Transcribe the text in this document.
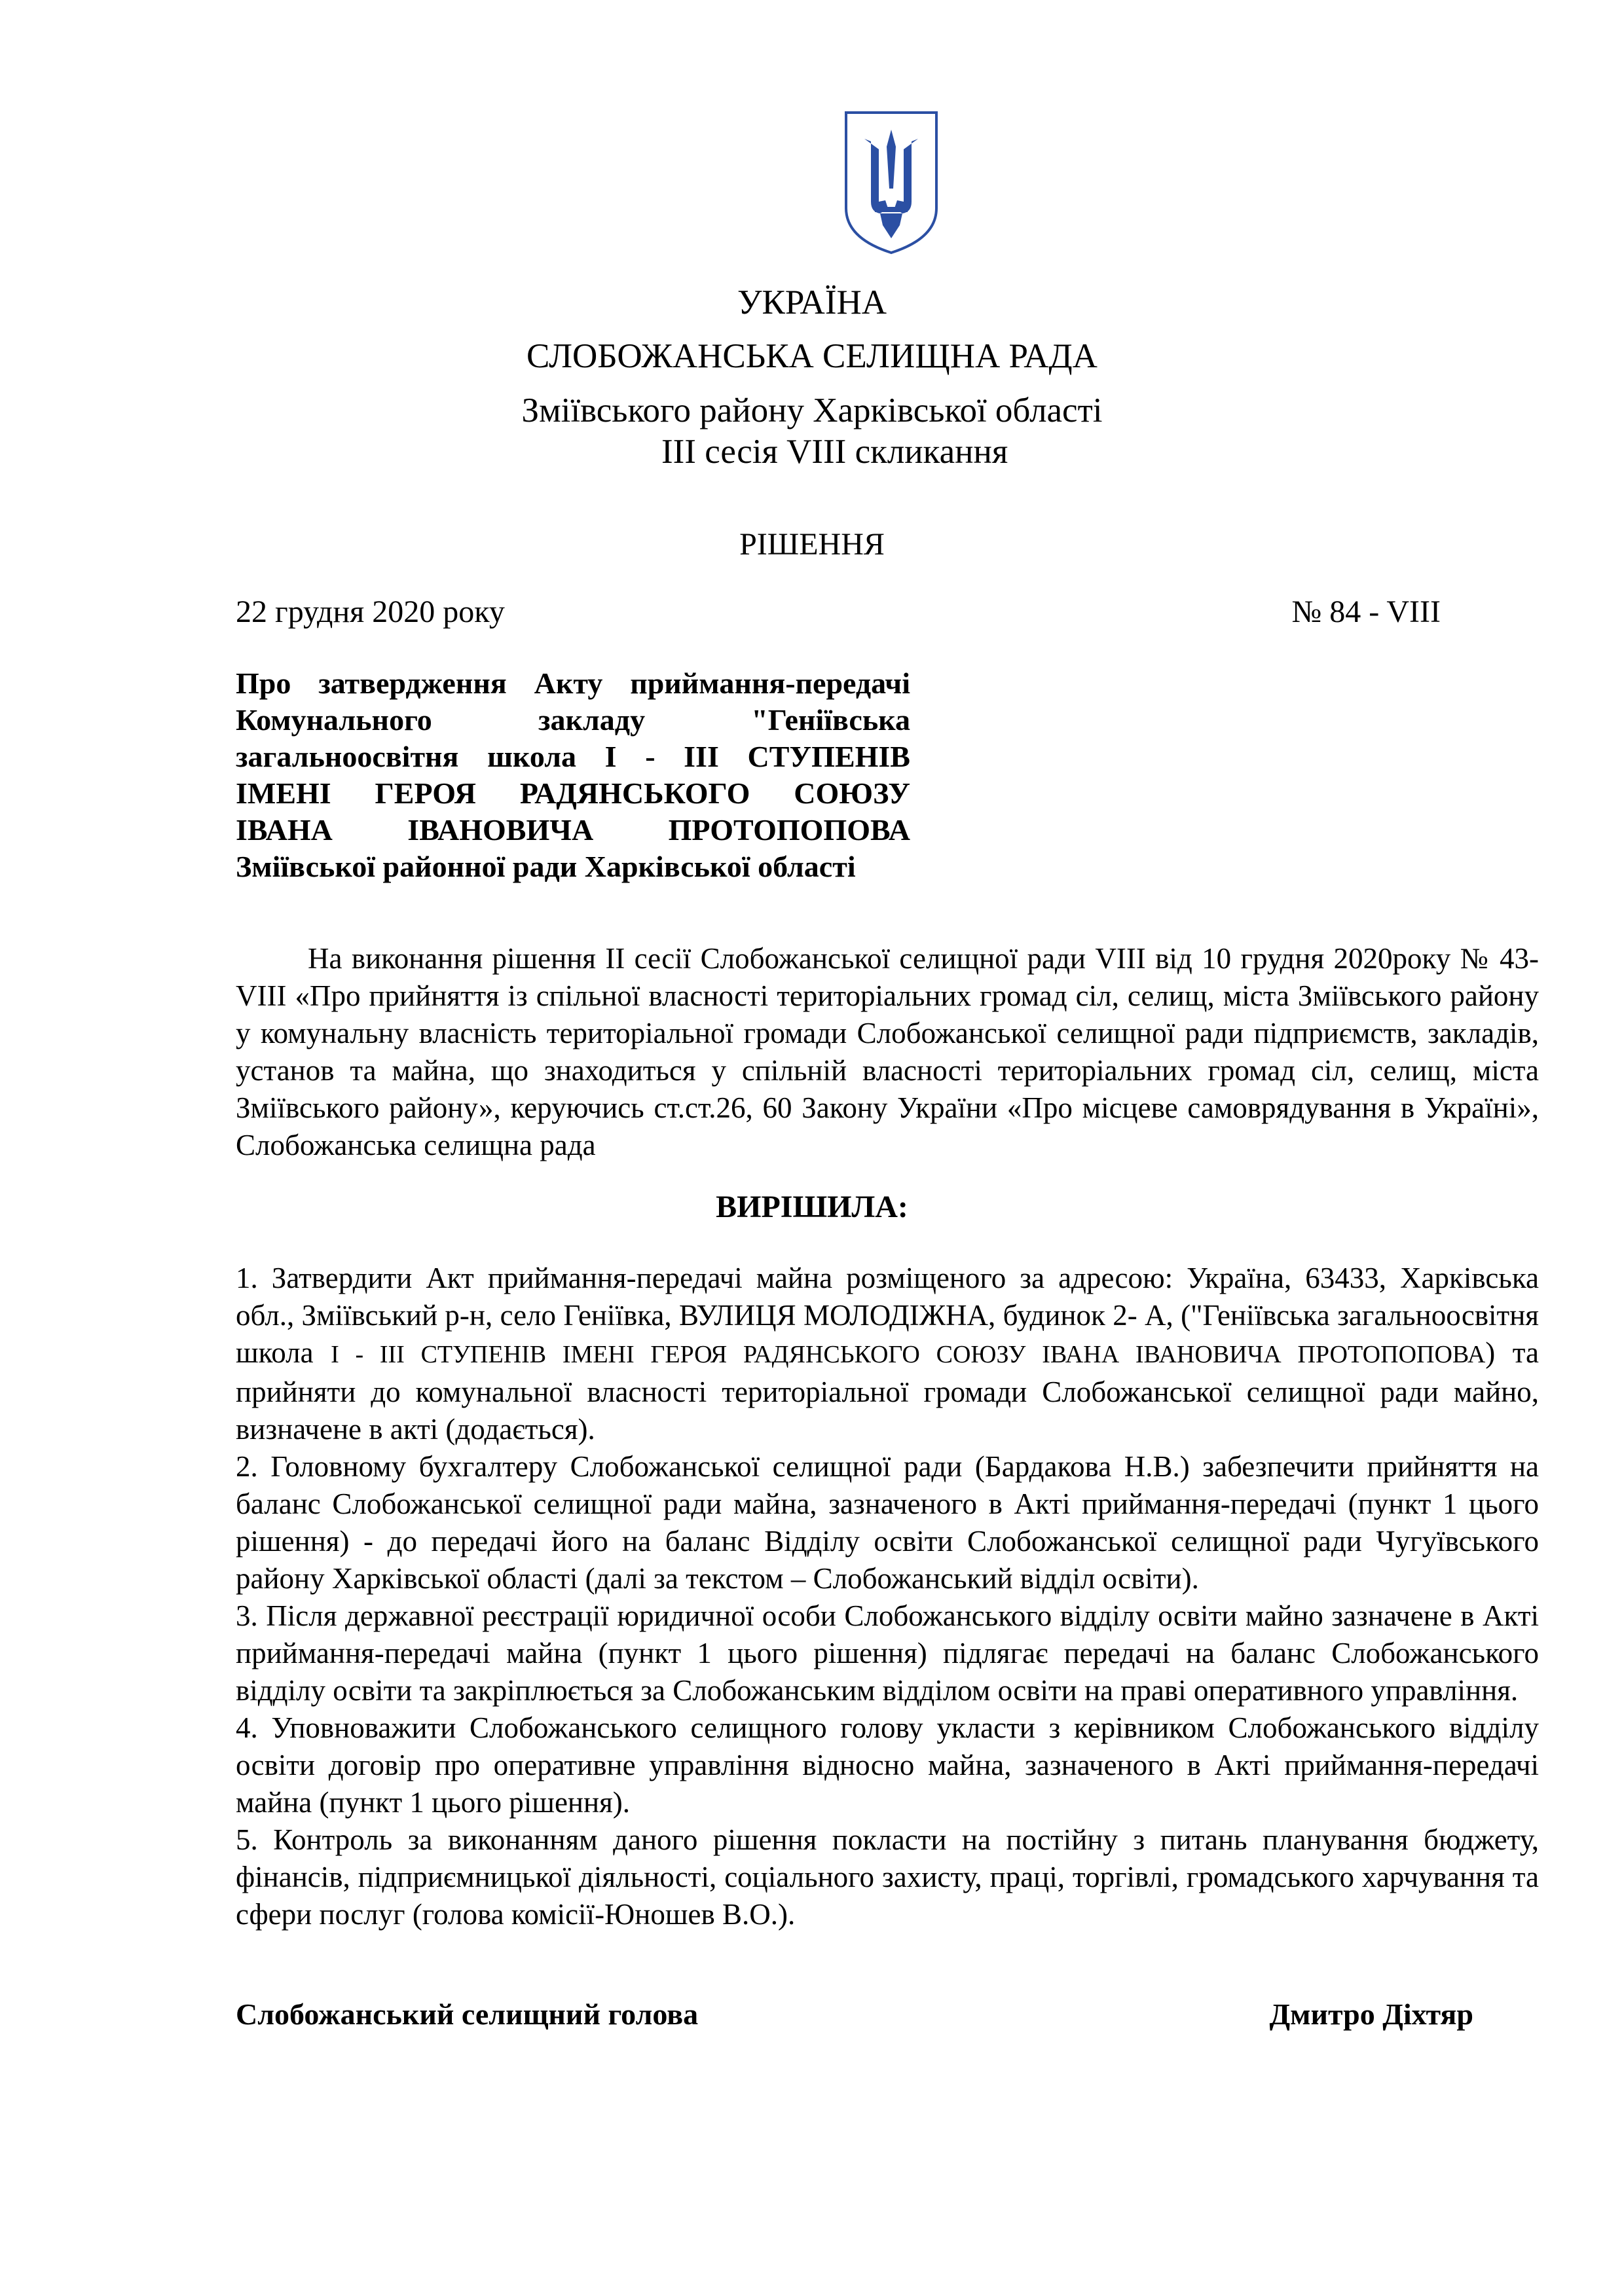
УКРАЇНА
СЛОБОЖАНСЬКА СЕЛИЩНА РАДА
Зміївського району Харківської області
ІІІ сесія VIII скликання
РІШЕННЯ
22 грудня 2020 року	№ 84 - VIII
Про затвердження Акту приймання-передачі
Комунального закладу "Геніївська
загальноосвітня школа І - ІІІ СТУПЕНІВ
ІМЕНІ ГЕРОЯ РАДЯНСЬКОГО СОЮЗУ
ІВАНА ІВАНОВИЧА ПРОТОПОПОВА
Зміївської районної ради Харківської області

На виконання рішення ІІ сесії Слобожанської селищної ради VIII від 10 грудня 2020року № 43-VIII «Про прийняття із спільної власності територіальних громад сіл, селищ, міста Зміївського району у комунальну власність територіальної громади Слобожанської селищної ради підприємств, закладів, установ та майна, що знаходиться у спільній власності територіальних громад сіл, селищ, міста Зміївського району», керуючись ст.ст.26, 60 Закону України «Про місцеве самоврядування в Україні», Слобожанська селищна рада

ВИРІШИЛА:

1. Затвердити Акт приймання-передачі майна розміщеного за адресою: Україна, 63433, Харківська обл., Зміївський р-н, село Геніївка, ВУЛИЦЯ МОЛОДІЖНА, будинок 2- А, ("Геніївська загальноосвітня школа І - ІІІ СТУПЕНІВ ІМЕНІ ГЕРОЯ РАДЯНСЬКОГО СОЮЗУ ІВАНА ІВАНОВИЧА ПРОТОПОПОВА) та прийняти до комунальної власності територіальної громади Слобожанської селищної ради майно, визначене в акті (додається).

2. Головному бухгалтеру Слобожанської селищної ради (Бардакова Н.В.) забезпечити прийняття на баланс Слобожанської селищної ради майна, зазначеного в Акті приймання-передачі (пункт 1 цього рішення) - до передачі його на баланс Відділу освіти Слобожанської селищної ради Чугуївського району Харківської області (далі за текстом – Слобожанський відділ освіти).

3. Після державної реєстрації юридичної особи Слобожанського відділу освіти майно зазначене в Акті приймання-передачі майна (пункт 1 цього рішення) підлягає передачі на баланс Слобожанського відділу освіти та закріплюється за Слобожанським відділом освіти на праві оперативного управління.

4. Уповноважити Слобожанського селищного голову укласти з керівником Слобожанського відділу освіти договір про оперативне управління відносно майна, зазначеного в Акті приймання-передачі майна (пункт 1 цього рішення).

5. Контроль за виконанням даного рішення покласти на постійну з питань планування бюджету, фінансів, підприємницької діяльності, соціального захисту, праці, торгівлі, громадського харчування та сфери послуг (голова комісії-Юношев В.О.).

Слобожанський селищний голова	Дмитро Діхтяр
